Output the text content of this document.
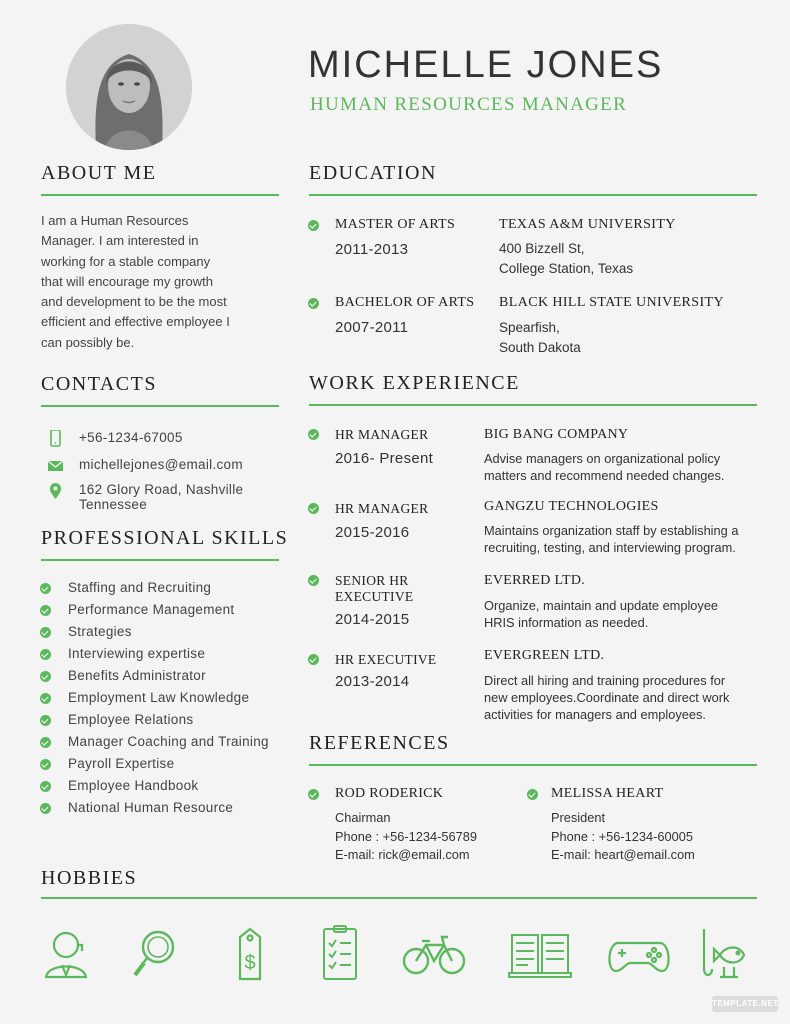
MICHELLE JONES
HUMAN RESOURCES MANAGER
ABOUT ME
I am a Human Resources
Manager. I am interested in
working for a stable company
that will encourage my growth
and development to be the most
efficient and effective employee I
can possibly be.
CONTACTS
+56-1234-67005
michellejones@email.com
162 Glory Road, Nashville
Tennessee
PROFESSIONAL SKILLS
Staffing and Recruiting
Performance Management
Strategies
Interviewing expertise
Benefits Administrator
Employment Law Knowledge
Employee Relations
Manager Coaching and Training
Payroll Expertise
Employee Handbook
National Human Resource
EDUCATION
MASTER OF ARTS
2011-2013
TEXAS A&M UNIVERSITY
400 Bizzell St,
College Station, Texas
BACHELOR OF ARTS
2007-2011
BLACK HILL STATE UNIVERSITY
Spearfish,
South Dakota
WORK EXPERIENCE
HR MANAGER
2016- Present
BIG BANG COMPANY
Advise managers on organizational policy
matters and recommend needed changes.
HR MANAGER
2015-2016
GANGZU TECHNOLOGIES
Maintains organization staff by establishing a
recruiting, testing, and interviewing program.
SENIOR HR
EXECUTIVE
2014-2015
EVERRED LTD.
Organize, maintain and update employee
HRIS information as needed.
HR EXECUTIVE
2013-2014
EVERGREEN LTD.
Direct all hiring and training procedures for
new employees.Coordinate and direct work
activities for managers and employees.
REFERENCES
ROD RODERICK
Chairman
Phone : +56-1234-56789
E-mail: rick@email.com
MELISSA HEART
President
Phone : +56-1234-60005
E-mail: heart@email.com
HOBBIES
$
TEMPLATE.NET
